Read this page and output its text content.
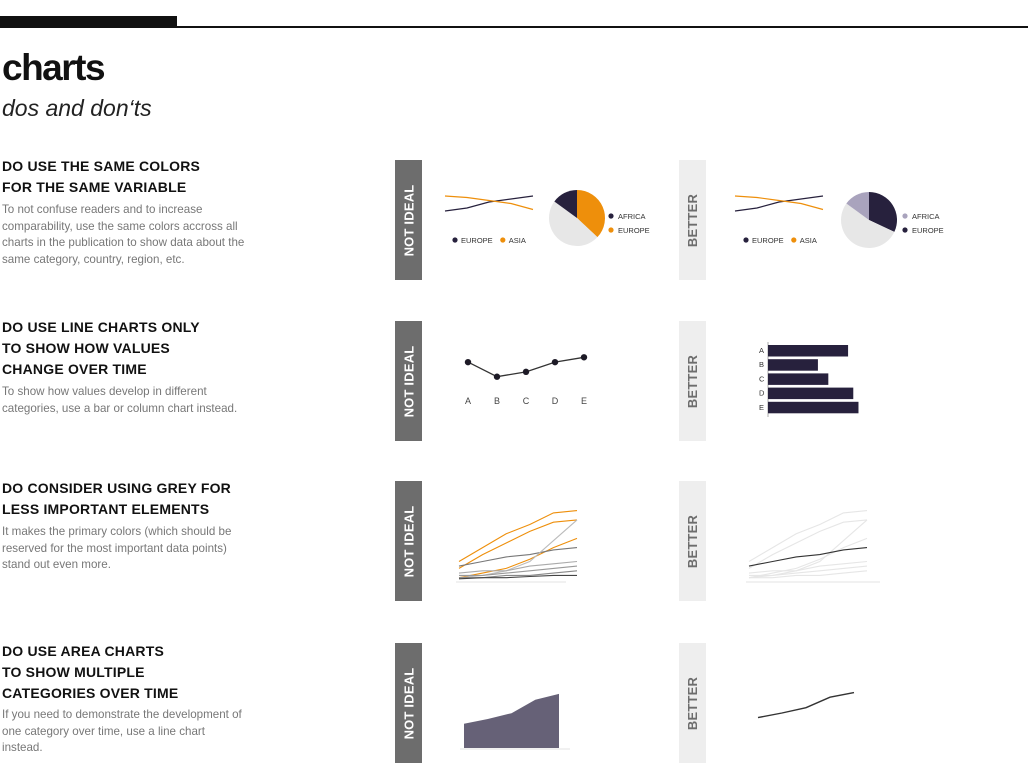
charts

dos and don‘ts

DO USE THE SAME COLORS
FOR THE SAME VARIABLE

To not confuse readers and to increase comparability, use the same colors accross all charts in the publication to show data about the same category, country, region, etc.

DO USE LINE CHARTS ONLY
TO SHOW HOW VALUES
CHANGE OVER TIME

To show how values develop in different categories, use a bar or column chart instead.

DO CONSIDER USING GREY FOR
LESS IMPORTANT ELEMENTS

It makes the primary colors (which should be reserved for the most important data points) stand out even more.

DO USE AREA CHARTS
TO SHOW MULTIPLE
CATEGORIES OVER TIME

If you need to demonstrate the development of one category over time, use a line chart instead.

NOT IDEAL	BETTER
NOT IDEAL	BETTER
NOT IDEAL	BETTER
NOT IDEAL	BETTER
EUROPE ASIA
AFRICA
EUROPE
EUROPE ASIA
AFRICA
EUROPE
A	B	C	D	E
A
B
C
D
E
